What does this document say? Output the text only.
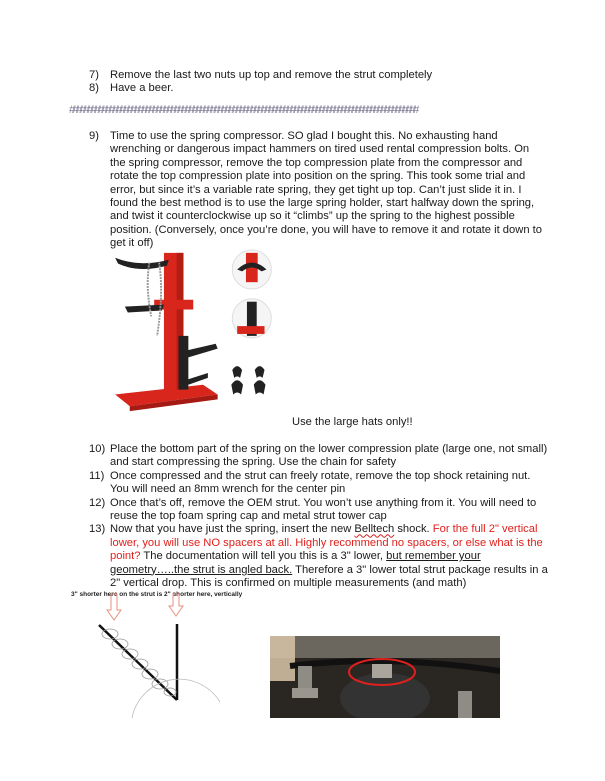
7) Remove the last two nuts up top and remove the strut completely
8) Have a beer.
################################################################################################
9) Time to use the spring compressor. SO glad I bought this. No exhausting hand wrenching or dangerous impact hammers on tired used rental compression bolts. On the spring compressor, remove the top compression plate from the compressor and rotate the top compression plate into position on the spring. This took some trial and error, but since it’s a variable rate spring, they get tight up top. Can’t just slide it in. I found the best method is to use the large spring holder, start halfway down the spring, and twist it counterclockwise up so it “climbs” up the spring to the highest possible position. (Conversely, once you’re done, you will have to remove it and rotate it down to get it off)
Use the large hats only!!
10) Place the bottom part of the spring on the lower compression plate (large one, not small) and start compressing the spring. Use the chain for safety
11) Once compressed and the strut can freely rotate, remove the top shock retaining nut. You will need an 8mm wrench for the center pin
12) Once that’s off, remove the OEM strut. You won’t use anything from it. You will need to reuse the top foam spring cap and metal strut tower cap
13) Now that you have just the spring, insert the new Belltech shock. For the full 2" vertical lower, you will use NO spacers at all. Highly recommend no spacers, or else what is the point? The documentation will tell you this is a 3" lower, but remember your geometry…..the strut is angled back. Therefore a 3" lower total strut package results in a 2" vertical drop. This is confirmed on multiple measurements (and math)
3" shorter here on the strut is 2" shorter here, vertically
